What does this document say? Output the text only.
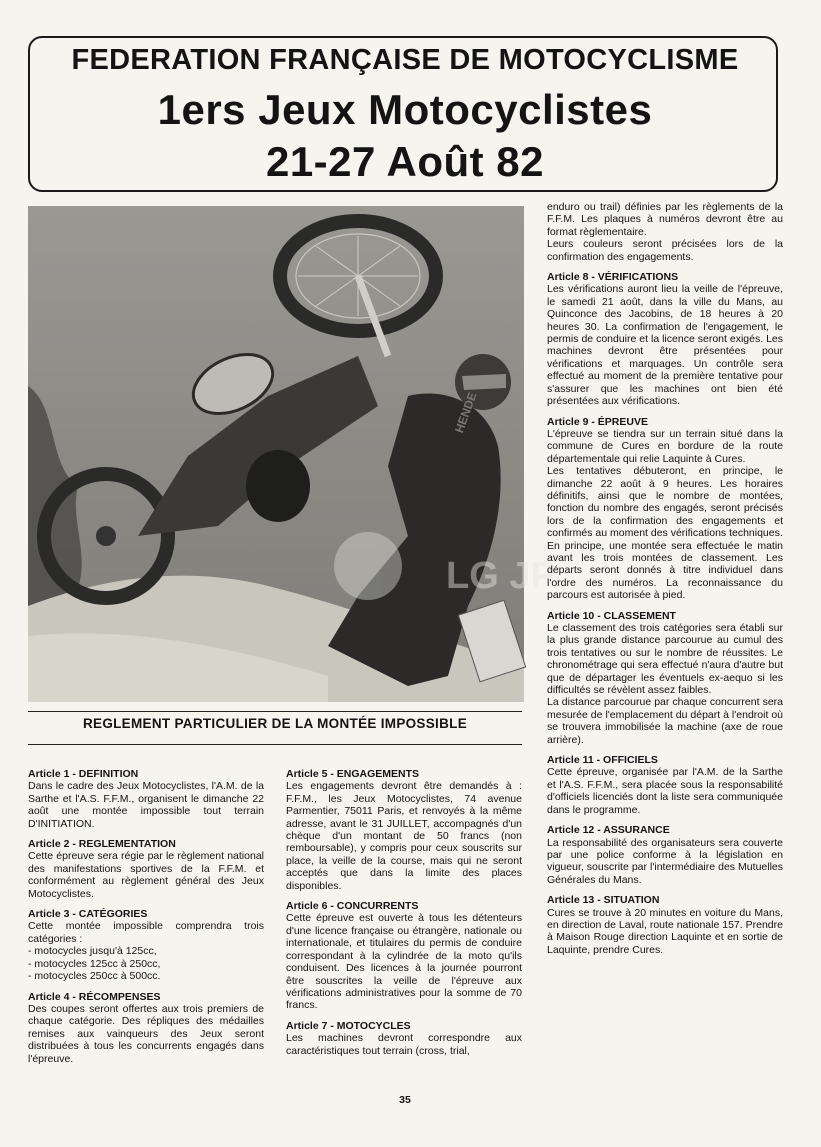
FEDERATION FRANÇAISE DE MOTOCYCLISME
1ers Jeux Motocyclistes
21-27 Août 82
LG JP
REGLEMENT PARTICULIER DE LA MONTÉE IMPOSSIBLE

Article 1 - DEFINITION

Dans le cadre des Jeux Motocyclistes, l'A.M. de la Sarthe et l'A.S. F.F.M., organisent le dimanche 22 août une montée impossible tout terrain D'INITIATION.

Article 2 - REGLEMENTATION

Cette épreuve sera régie par le règlement national des manifestations sportives de la F.F.M. et conformément au règlement général des Jeux Motocyclistes.

Article 3 - CATÉGORIES

Cette montée impossible comprendra trois catégories :

- motocycles jusqu'à 125cc,
- motocycles 125cc à 250cc,
- motocycles 250cc à 500cc.

Article 4 - RÉCOMPENSES

Des coupes seront offertes aux trois premiers de chaque catégorie. Des répliques des médailles remises aux vainqueurs des Jeux seront distribuées à tous les concurrents engagés dans l'épreuve.

Article 5 - ENGAGEMENTS

Les engagements devront être demandés à : F.F.M., les Jeux Motocyclistes, 74 avenue Parmentier, 75011 Paris, et renvoyés à la même adresse, avant le 31 JUILLET, accompagnés d'un chèque d'un montant de 50 francs (non remboursable), y compris pour ceux souscrits sur place, la veille de la course, mais qui ne seront acceptés que dans la limite des places disponibles.

Article 6 - CONCURRENTS

Cette épreuve est ouverte à tous les détenteurs d'une licence française ou étrangère, nationale ou internationale, et titulaires du permis de conduire correspondant à la cylindrée de la moto qu'ils conduisent. Des licences à la journée pourront être souscrites la veille de l'épreuve aux vérifications administratives pour la somme de 70 francs.

Article 7 - MOTOCYCLES

Les machines devront correspondre aux caractéristiques tout terrain (cross, trial,

enduro ou trail) définies par les règlements de la F.F.M. Les plaques à numéros devront être au format règlementaire.

Leurs couleurs seront précisées lors de la confirmation des engagements.

Article 8 - VÉRIFICATIONS

Les vérifications auront lieu la veille de l'épreuve, le samedi 21 août, dans la ville du Mans, au Quinconce des Jacobins, de 18 heures à 20 heures 30. La confirmation de l'engagement, le permis de conduire et la licence seront exigés. Les machines devront être présentées pour vérifications et marquages. Un contrôle sera effectué au moment de la première tentative pour s'assurer que les machines ont bien été présentées aux vérifications.

Article 9 - ÉPREUVE

L'épreuve se tiendra sur un terrain situé dans la commune de Cures en bordure de la route départementale qui relie Laquinte à Cures.

Les tentatives débuteront, en principe, le dimanche 22 août à 9 heures. Les horaires définitifs, ainsi que le nombre de montées, fonction du nombre des engagés, seront précisés lors de la confirmation des engagements et confirmés au moment des vérifications techniques.

En principe, une montée sera effectuée le matin avant les trois montées de classement. Les départs seront donnés à titre individuel dans l'ordre des numéros. La reconnaissance du parcours est autorisée à pied.

Article 10 - CLASSEMENT

Le classement des trois catégories sera établi sur la plus grande distance parcourue au cumul des trois tentatives ou sur le nombre de réussites. Le chronométrage qui sera effectué n'aura d'autre but que de départager les éventuels ex-aequo si les difficultés se révèlent assez faibles.

La distance parcourue par chaque concurrent sera mesurée de l'emplacement du départ à l'endroit où se trouvera immobilisée la machine (axe de roue arrière).

Article 11 - OFFICIELS

Cette épreuve, organisée par l'A.M. de la Sarthe et l'A.S. F.F.M., sera placée sous la responsabilité d'officiels licenciés dont la liste sera communiquée dans le programme.

Article 12 - ASSURANCE

La responsabilité des organisateurs sera couverte par une police conforme à la législation en vigueur, souscrite par l'intermédiaire des Mutuelles Générales du Mans.

Article 13 - SITUATION

Cures se trouve à 20 minutes en voiture du Mans, en direction de Laval, route nationale 157. Prendre à Maison Rouge direction Laquinte et en sortie de Laquinte, prendre Cures.

HENDE
35
